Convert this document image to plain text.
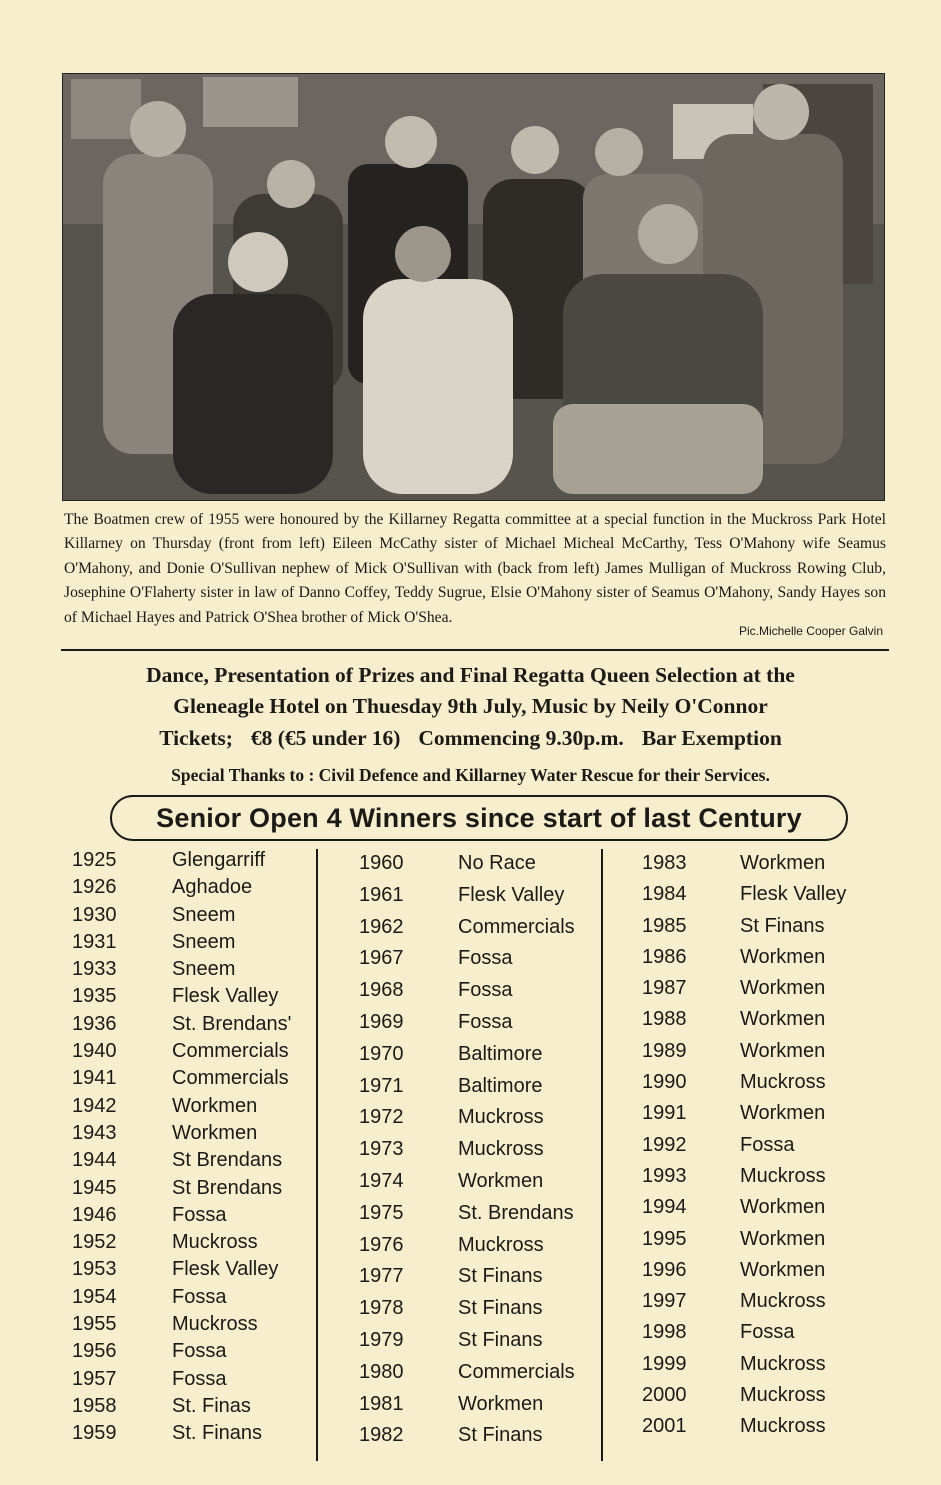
The Boatmen crew of 1955 were honoured by the Killarney Regatta committee at a special function in the Muckross Park Hotel Killarney on Thursday (front from left) Eileen McCathy sister of Michael Micheal McCarthy, Tess O'Mahony wife Seamus O'Mahony, and Donie O'Sullivan nephew of Mick O'Sullivan with (back from left) James Mulligan of Muckross Rowing Club, Josephine O'Flaherty sister in law of Danno Coffey, Teddy Sugrue, Elsie O'Mahony sister of Seamus O'Mahony, Sandy Hayes son of Michael Hayes and Patrick O'Shea brother of Mick O'Shea.

Pic.Michelle Cooper Galvin
Dance, Presentation of Prizes and Final Regatta Queen Selection at the
Gleneagle Hotel on Thuesday 9th July, Music by Neily O'Connor
Tickets; €8 (€5 under 16) Commencing 9.30p.m. Bar Exemption
Special Thanks to : Civil Defence and Killarney Water Rescue for their Services.
Senior Open 4 Winners since start of last Century
1925	Glengarriff
1926	Aghadoe
1930	Sneem
1931	Sneem
1933	Sneem
1935	Flesk Valley
1936	St. Brendans'
1940	Commercials
1941	Commercials
1942	Workmen
1943	Workmen
1944	St Brendans
1945	St Brendans
1946	Fossa
1952	Muckross
1953	Flesk Valley
1954	Fossa
1955	Muckross
1956	Fossa
1957	Fossa
1958	St. Finas
1959	St. Finans
1960	No Race
1961	Flesk Valley
1962	Commercials
1967	Fossa
1968	Fossa
1969	Fossa
1970	Baltimore
1971	Baltimore
1972	Muckross
1973	Muckross
1974	Workmen
1975	St. Brendans
1976	Muckross
1977	St Finans
1978	St Finans
1979	St Finans
1980	Commercials
1981	Workmen
1982	St Finans
1983	Workmen
1984	Flesk Valley
1985	St Finans
1986	Workmen
1987	Workmen
1988	Workmen
1989	Workmen
1990	Muckross
1991	Workmen
1992	Fossa
1993	Muckross
1994	Workmen
1995	Workmen
1996	Workmen
1997	Muckross
1998	Fossa
1999	Muckross
2000	Muckross
2001	Muckross
